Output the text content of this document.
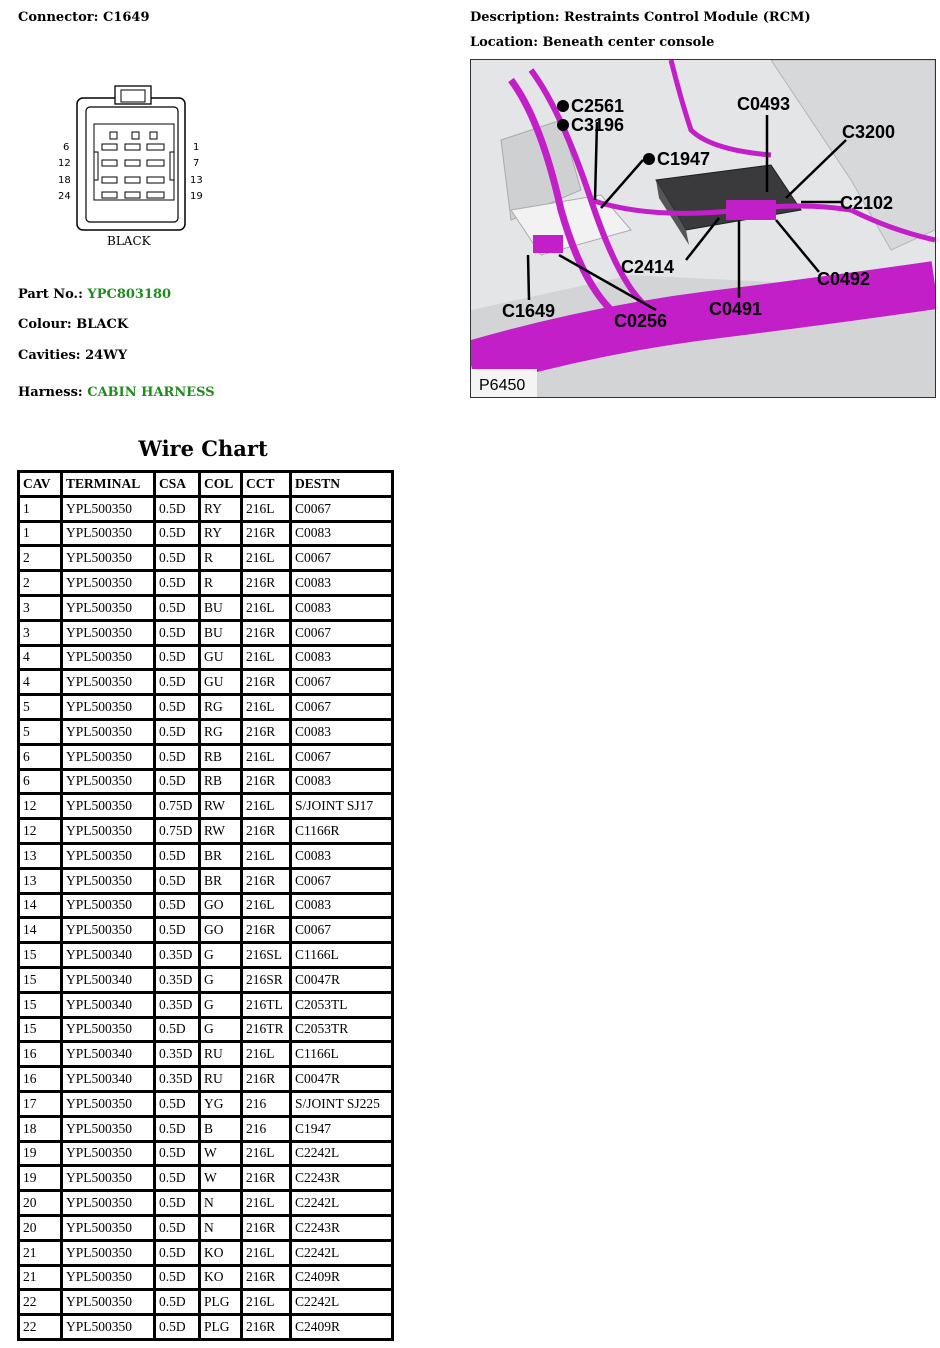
Connector: C1649	Description: Restraints Control Module (RCM)
Location: Beneath center console
6
12
18
24
1
7
13
19
BLACK
Part No.: YPC803180
Colour: BLACK
Cavities: 24WY
Harness: CABIN HARNESS
C2561
C3196
C1947
C0493
C3200
C2102
C2414
C0492
C1649	C0256
C0491
P6450
Wire Chart
CAV	TERMINAL	CSA	COL	CCT	DESTN
1	YPL500350	0.5D	RY	216L	C0067
1	YPL500350	0.5D	RY	216R	C0083
2	YPL500350	0.5D	R	216L	C0067
2	YPL500350	0.5D	R	216R	C0083
3	YPL500350	0.5D	BU	216L	C0083
3	YPL500350	0.5D	BU	216R	C0067
4	YPL500350	0.5D	GU	216L	C0083
4	YPL500350	0.5D	GU	216R	C0067
5	YPL500350	0.5D	RG	216L	C0067
5	YPL500350	0.5D	RG	216R	C0083
6	YPL500350	0.5D	RB	216L	C0067
6	YPL500350	0.5D	RB	216R	C0083
12	YPL500350	0.75D	RW	216L	S/JOINT SJ17
12	YPL500350	0.75D	RW	216R	C1166R
13	YPL500350	0.5D	BR	216L	C0083
13	YPL500350	0.5D	BR	216R	C0067
14	YPL500350	0.5D	GO	216L	C0083
14	YPL500350	0.5D	GO	216R	C0067
15	YPL500340	0.35D	G	216SL	C1166L
15	YPL500340	0.35D	G	216SR	C0047R
15	YPL500340	0.35D	G	216TL	C2053TL
15	YPL500350	0.5D	G	216TR	C2053TR
16	YPL500340	0.35D	RU	216L	C1166L
16	YPL500340	0.35D	RU	216R	C0047R
17	YPL500350	0.5D	YG	216	S/JOINT SJ225
18	YPL500350	0.5D	B	216	C1947
19	YPL500350	0.5D	W	216L	C2242L
19	YPL500350	0.5D	W	216R	C2243R
20	YPL500350	0.5D	N	216L	C2242L
20	YPL500350	0.5D	N	216R	C2243R
21	YPL500350	0.5D	KO	216L	C2242L
21	YPL500350	0.5D	KO	216R	C2409R
22	YPL500350	0.5D	PLG	216L	C2242L
22	YPL500350	0.5D	PLG	216R	C2409R
